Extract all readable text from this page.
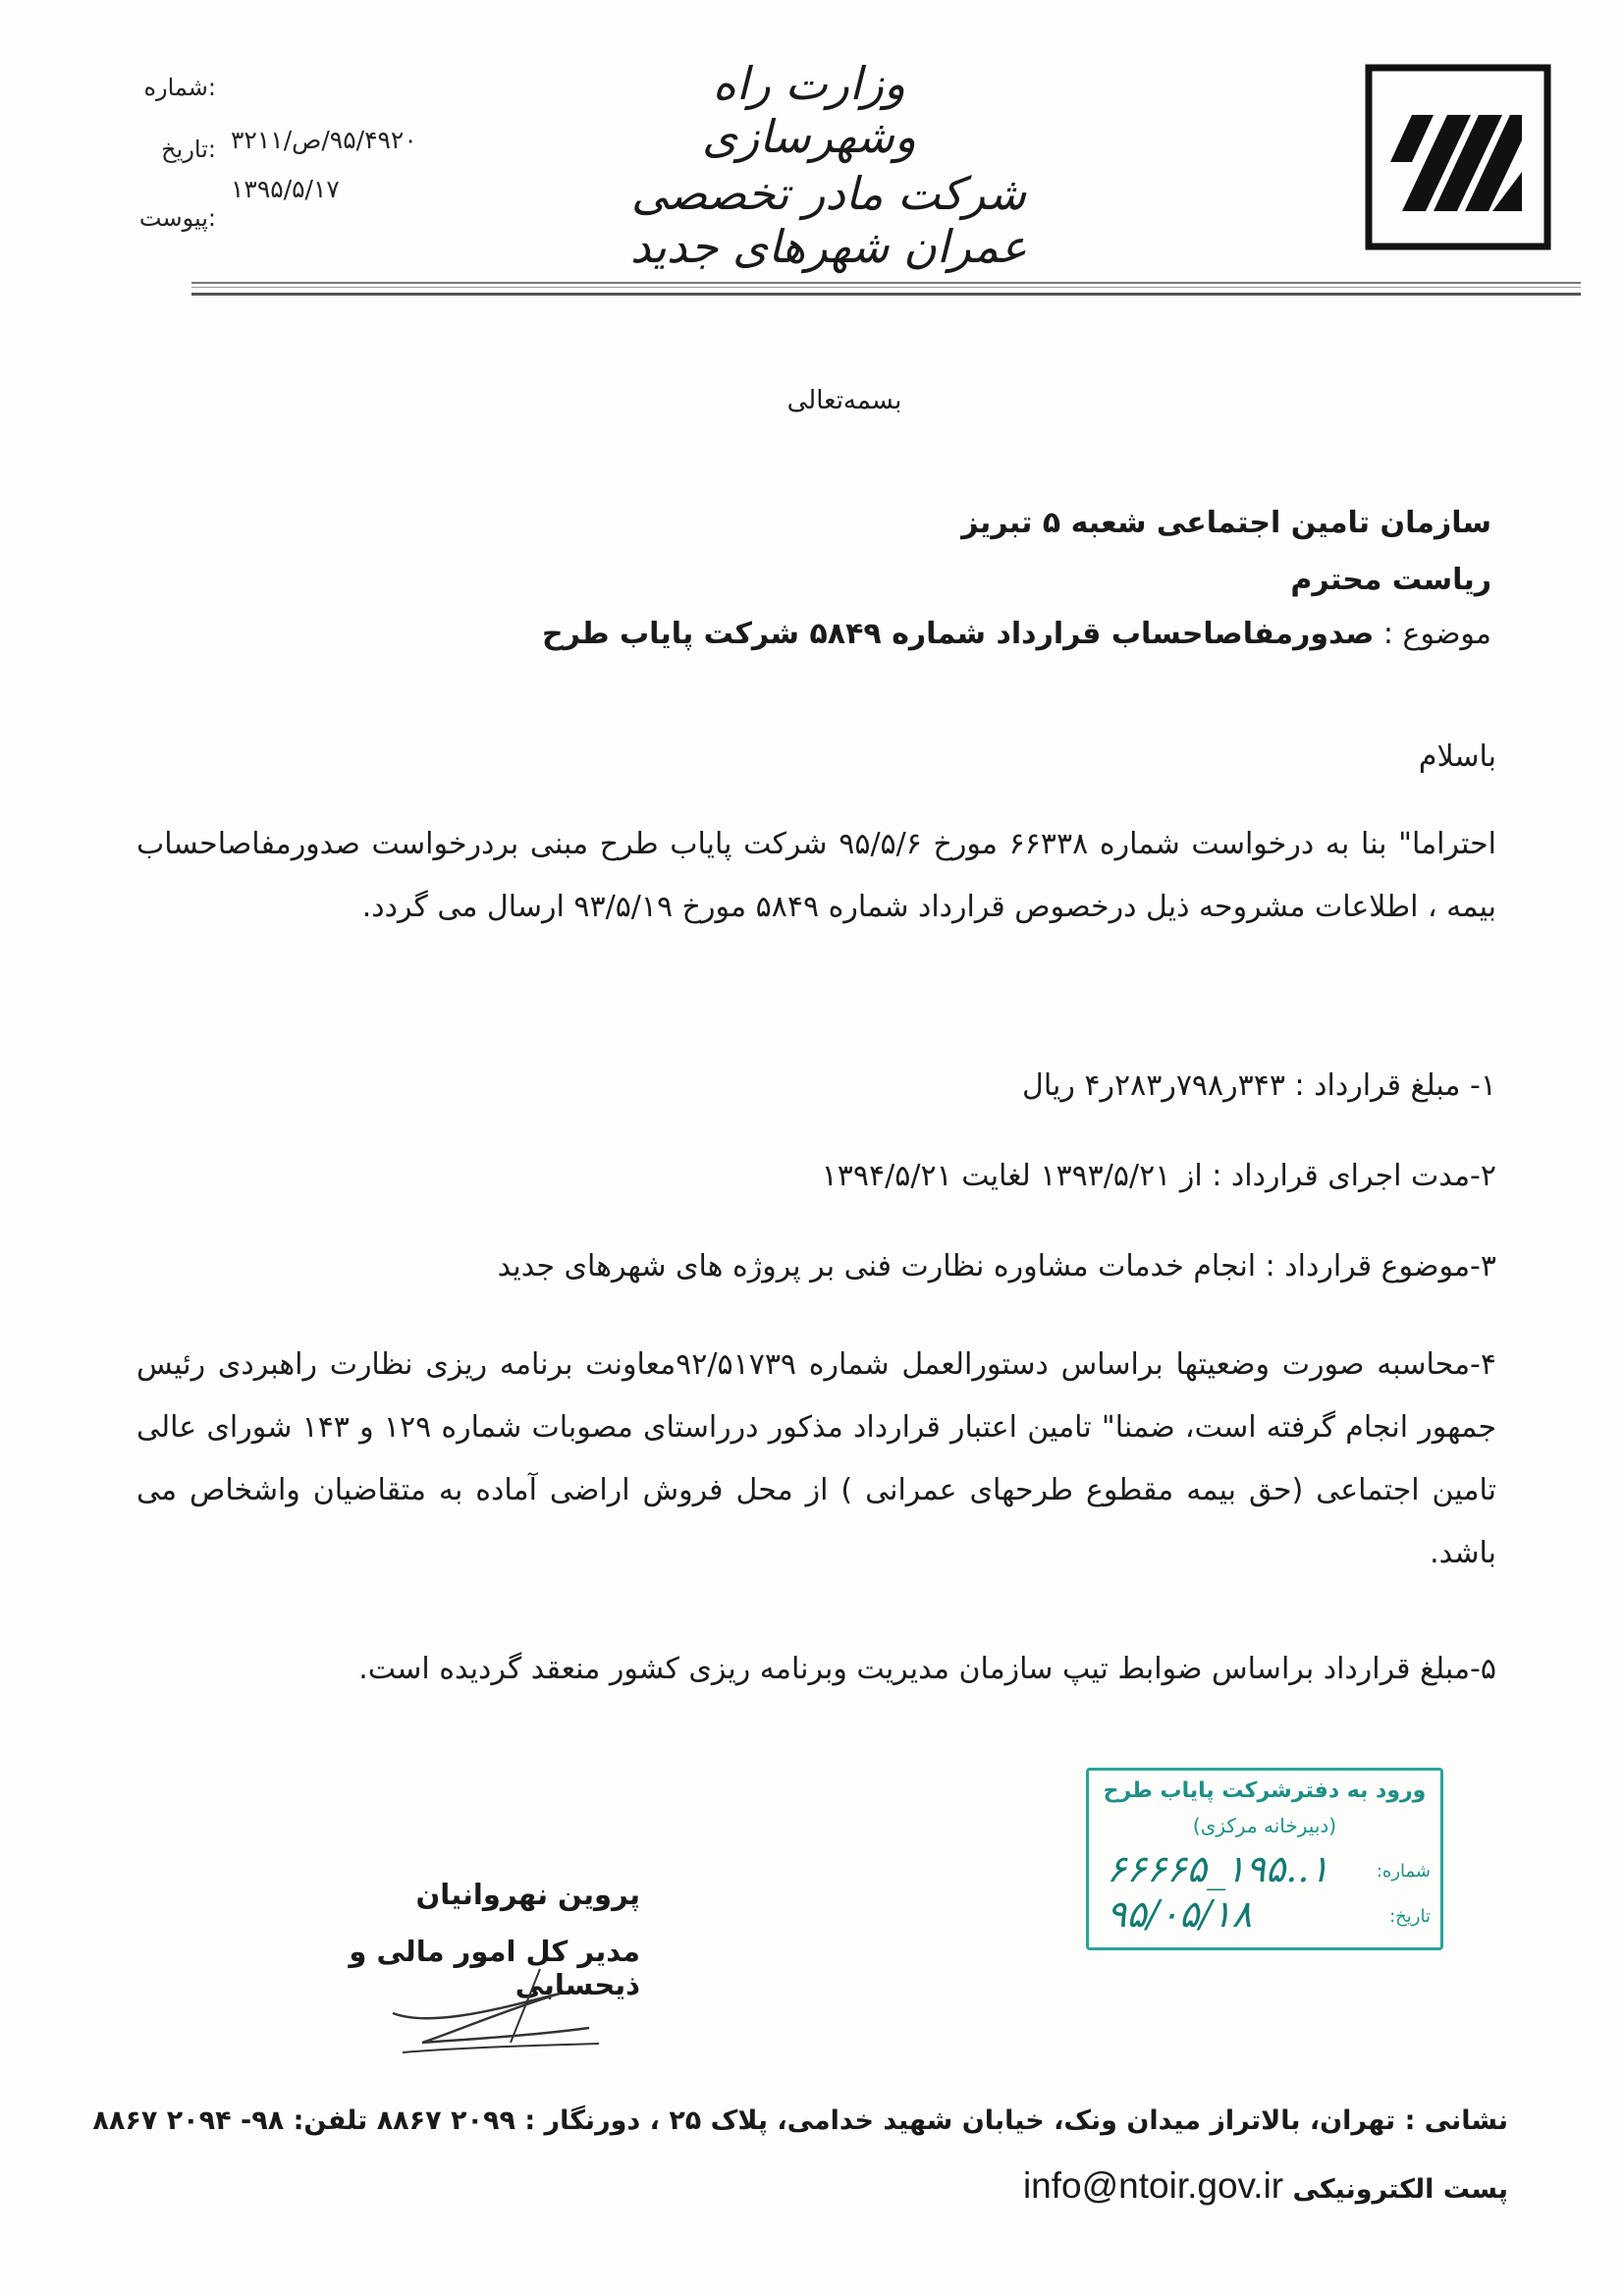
وزارت راه وشهرسازی
شرکت مادر تخصصی عمران شهرهای جدید
:شماره
:تاریخ ۹۵/۴۹۲۰/ص/۳۲۱۱
۱۳۹۵/۵/۱۷
:پیوست
بسمه‌تعالی
سازمان تامین اجتماعی شعبه ۵ تبریز
ریاست محترم
موضوع : صدورمفاصاحساب قرارداد شماره ۵۸۴۹ شرکت پایاب طرح
باسلام
احتراما" بنا به درخواست شماره ۶۶۳۳۸ مورخ ۹۵/۵/۶ شرکت پایاب طرح مبنی بردرخواست صدورمفاصاحساب بیمه ، اطلاعات مشروحه ذیل درخصوص قرارداد شماره ۵۸۴۹ مورخ ۹۳/۵/۱۹ ارسال می گردد.
۱- مبلغ قرارداد : ۳۴۳ر۷۹۸ر۲۸۳ر۴ ریال
۲-مدت اجرای قرارداد : از ۱۳۹۳/۵/۲۱ لغایت ۱۳۹۴/۵/۲۱
۳-موضوع قرارداد : انجام خدمات مشاوره نظارت فنی بر پروژه های شهرهای جدید
۴-محاسبه صورت وضعیتها براساس دستورالعمل شماره ۹۲/۵۱۷۳۹معاونت برنامه ریزی نظارت راهبردی رئیس جمهور انجام گرفته است، ضمنا" تامین اعتبار قرارداد مذکور درراستای مصوبات شماره ۱۲۹ و ۱۴۳ شورای عالی تامین اجتماعی (حق بیمه مقطوع طرحهای عمرانی ) از محل فروش اراضی آماده به متقاضیان واشخاص می باشد.
۵-مبلغ قرارداد براساس ضوابط تیپ سازمان مدیریت وبرنامه ریزی کشور منعقد گردیده است.
ورود به دفترشرکت پایاب طرح
(دبیرخانه مرکزی)
شماره:
۱..۱۹۵_۶۶۶۶۵
تاریخ:
۹۵/۰۵/۱۸
پروین نهروانیان
مدیر کل امور مالی و ذیحسابی
نشانی : تهران، بالاتراز میدان ونک، خیابان شهید خدامی، پلاک ۲۵ ، دورنگار : ۲۰۹۹ ۸۸۶۷ تلفن: ۹۸- ۲۰۹۴ ۸۸۶۷
پست الکترونیکی info@ntoir.gov.ir
